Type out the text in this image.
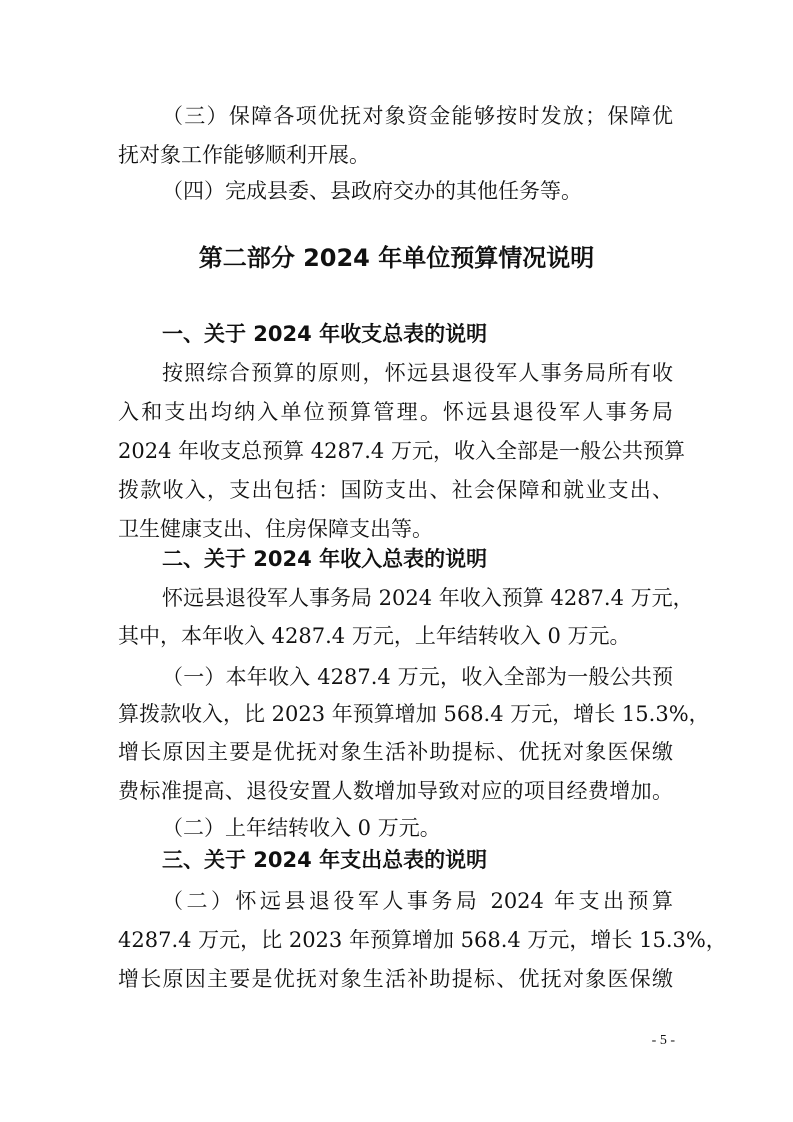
（三）保障各项优抚对象资金能够按时发放；保障优
抚对象工作能够顺利开展。
（四）完成县委、县政府交办的其他任务等。
第二部分 2024 年单位预算情况说明
一、关于 2024 年收支总表的说明
按照综合预算的原则，怀远县退役军人事务局所有收
入和支出均纳入单位预算管理。怀远县退役军人事务局
2024 年收支总预算 4287.4 万元，收入全部是一般公共预算
拨款收入，支出包括：国防支出、社会保障和就业支出、
卫生健康支出、住房保障支出等。
二、关于 2024 年收入总表的说明
怀远县退役军人事务局 2024 年收入预算 4287.4 万元，
其中，本年收入 4287.4 万元，上年结转收入 0 万元。
（一）本年收入 4287.4 万元，收入全部为一般公共预
算拨款收入，比 2023 年预算增加 568.4 万元，增长 15.3%，
增长原因主要是优抚对象生活补助提标、优抚对象医保缴
费标准提高、退役安置人数增加导致对应的项目经费增加。
（二）上年结转收入 0 万元。
三、关于 2024 年支出总表的说明
（二）怀远县退役军人事务局 2024 年支出预算
4287.4 万元，比 2023 年预算增加 568.4 万元，增长 15.3%，
增长原因主要是优抚对象生活补助提标、优抚对象医保缴
- 5 -
